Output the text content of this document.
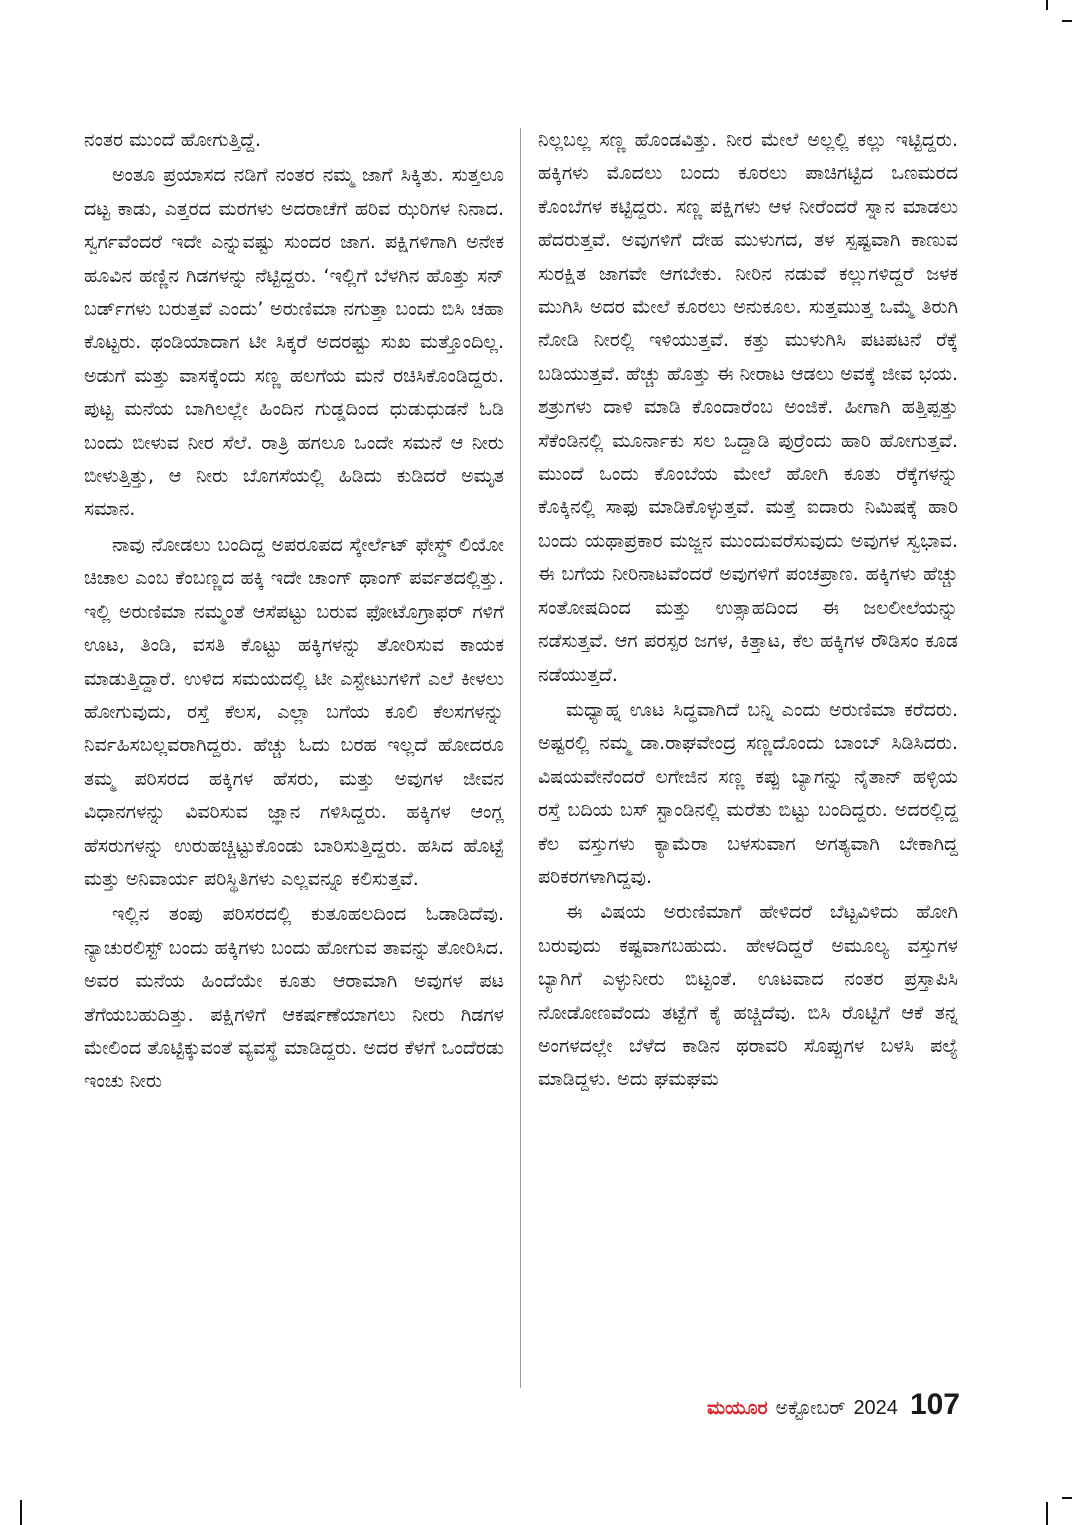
ನಂತರ ಮುಂದೆ ಹೋಗುತ್ತಿದ್ದೆ.

ಅಂತೂ ಪ್ರಯಾಸದ ನಡಿಗೆ ನಂತರ ನಮ್ಮ ಜಾಗೆ ಸಿಕ್ಕಿತು. ಸುತ್ತಲೂ ದಟ್ಟ ಕಾಡು, ಎತ್ತರದ ಮರಗಳು ಅದರಾಚೆಗೆ ಹರಿವ ಝರಿಗಳ ನಿನಾದ. ಸ್ವರ್ಗವೆಂದರೆ ಇದೇ ಎನ್ನುವಷ್ಟು ಸುಂದರ ಜಾಗ. ಪಕ್ಷಿಗಳಿಗಾಗಿ ಅನೇಕ ಹೂವಿನ ಹಣ್ಣಿನ ಗಿಡಗಳನ್ನು ನೆಟ್ಟಿದ್ದರು. ‘ಇಲ್ಲಿಗೆ ಬೆಳಗಿನ ಹೊತ್ತು ಸನ್ ಬರ್ಡ್‌ಗಳು ಬರುತ್ತವೆ ಎಂದು’ ಅರುಣಿಮಾ ನಗುತ್ತಾ ಬಂದು ಬಿಸಿ ಚಹಾ ಕೊಟ್ಟರು. ಥಂಡಿಯಾದಾಗ ಟೀ ಸಿಕ್ಕರೆ ಅದರಷ್ಟು ಸುಖ ಮತ್ತೊಂದಿಲ್ಲ. ಅಡುಗೆ ಮತ್ತು ವಾಸಕ್ಕೆಂದು ಸಣ್ಣ ಹಲಗೆಯ ಮನೆ ರಚಿಸಿಕೊಂಡಿದ್ದರು. ಪುಟ್ಟ ಮನೆಯ ಬಾಗಿಲಲ್ಲೇ ಹಿಂದಿನ ಗುಡ್ಡದಿಂದ ಧುಡುಧುಡನೆ ಓಡಿ ಬಂದು ಬೀಳುವ ನೀರ ಸೆಲೆ. ರಾತ್ರಿ ಹಗಲೂ ಒಂದೇ ಸಮನೆ ಆ ನೀರು ಬೀಳುತ್ತಿತ್ತು, ಆ ನೀರು ಬೊಗಸೆಯಲ್ಲಿ ಹಿಡಿದು ಕುಡಿದರೆ ಅಮೃತ ಸಮಾನ.

ನಾವು ನೋಡಲು ಬಂದಿದ್ದ ಅಪರೂಪದ ಸ್ಕೇರ್ಲೆಟ್ ಫೇಸ್ಡ್ ಲಿಯೋ ಚಿಚಾಲ ಎಂಬ ಕೆಂಬಣ್ಣದ ಹಕ್ಕಿ ಇದೇ ಚಾಂಗ್ ಥಾಂಗ್ ಪರ್ವತದಲ್ಲಿತ್ತು. ಇಲ್ಲಿ ಅರುಣಿಮಾ ನಮ್ಮಂತೆ ಆಸೆಪಟ್ಟು ಬರುವ ಫೋಟೊಗ್ರಾಫರ್ ಗಳಿಗೆ ಊಟ, ತಿಂಡಿ, ವಸತಿ ಕೊಟ್ಟು ಹಕ್ಕಿಗಳನ್ನು ತೋರಿಸುವ ಕಾಯಕ ಮಾಡುತ್ತಿದ್ದಾರೆ. ಉಳಿದ ಸಮಯದಲ್ಲಿ ಟೀ ಎಸ್ಟೇಟುಗಳಿಗೆ ಎಲೆ ಕೀಳಲು ಹೋಗುವುದು, ರಸ್ತೆ ಕೆಲಸ, ಎಲ್ಲಾ ಬಗೆಯ ಕೂಲಿ ಕೆಲಸಗಳನ್ನು ನಿರ್ವಹಿಸಬಲ್ಲವರಾಗಿದ್ದರು. ಹೆಚ್ಚು ಓದು ಬರಹ ಇಲ್ಲದೆ ಹೋದರೂ ತಮ್ಮ ಪರಿಸರದ ಹಕ್ಕಿಗಳ ಹೆಸರು, ಮತ್ತು ಅವುಗಳ ಜೀವನ ವಿಧಾನಗಳನ್ನು ವಿವರಿಸುವ ಜ್ಞಾನ ಗಳಿಸಿದ್ದರು. ಹಕ್ಕಿಗಳ ಆಂಗ್ಲ ಹೆಸರುಗಳನ್ನು ಉರುಹಚ್ಚಿಟ್ಟುಕೊಂಡು ಬಾರಿಸುತ್ತಿದ್ದರು. ಹಸಿದ ಹೊಟ್ಟೆ ಮತ್ತು ಅನಿವಾರ್ಯ ಪರಿಸ್ಥಿತಿಗಳು ಎಲ್ಲವನ್ನೂ ಕಲಿಸುತ್ತವೆ.

ಇಲ್ಲಿನ ತಂಪು ಪರಿಸರದಲ್ಲಿ ಕುತೂಹಲದಿಂದ ಓಡಾಡಿದೆವು. ನ್ಯಾಚುರಲಿಸ್ಟ್ ಬಂದು ಹಕ್ಕಿಗಳು ಬಂದು ಹೋಗುವ ತಾವನ್ನು ತೋರಿಸಿದ. ಅವರ ಮನೆಯ ಹಿಂದೆಯೇ ಕೂತು ಆರಾಮಾಗಿ ಅವುಗಳ ಪಟ ತೆಗೆಯಬಹುದಿತ್ತು. ಪಕ್ಷಿಗಳಿಗೆ ಆಕರ್ಷಣೆಯಾಗಲು ನೀರು ಗಿಡಗಳ ಮೇಲಿಂದ ತೊಟ್ಟಿಕ್ಕುವಂತೆ ವ್ಯವಸ್ಥೆ ಮಾಡಿದ್ದರು. ಅದರ ಕೆಳಗೆ ಒಂದೆರಡು ಇಂಚು ನೀರು

ನಿಲ್ಲಬಲ್ಲ ಸಣ್ಣ ಹೊಂಡವಿತ್ತು. ನೀರ ಮೇಲೆ ಅಲ್ಲಲ್ಲಿ ಕಲ್ಲು ಇಟ್ಟಿದ್ದರು. ಹಕ್ಕಿಗಳು ಮೊದಲು ಬಂದು ಕೂರಲು ಪಾಚಿಗಟ್ಟಿದ ಒಣಮರದ ಕೊಂಬೆಗಳ ಕಟ್ಟಿದ್ದರು. ಸಣ್ಣ ಪಕ್ಷಿಗಳು ಆಳ ನೀರೆಂದರೆ ಸ್ನಾನ ಮಾಡಲು ಹೆದರುತ್ತವೆ. ಅವುಗಳಿಗೆ ದೇಹ ಮುಳುಗದ, ತಳ ಸ್ಪಷ್ಟವಾಗಿ ಕಾಣುವ ಸುರಕ್ಷಿತ ಜಾಗವೇ ಆಗಬೇಕು. ನೀರಿನ ನಡುವೆ ಕಲ್ಲುಗಳಿದ್ದರೆ ಜಳಕ ಮುಗಿಸಿ ಅದರ ಮೇಲೆ ಕೂರಲು ಅನುಕೂಲ. ಸುತ್ತಮುತ್ತ ಒಮ್ಮೆ ತಿರುಗಿ ನೋಡಿ ನೀರಲ್ಲಿ ಇಳಿಯುತ್ತವೆ. ಕತ್ತು ಮುಳುಗಿಸಿ ಪಟಪಟನೆ ರೆಕ್ಕೆ ಬಡಿಯುತ್ತವೆ. ಹೆಚ್ಚು ಹೊತ್ತು ಈ ನೀರಾಟ ಆಡಲು ಅವಕ್ಕೆ ಜೀವ ಭಯ. ಶತ್ರುಗಳು ದಾಳಿ ಮಾಡಿ ಕೊಂದಾರೆಂಬ ಅಂಜಿಕೆ. ಹೀಗಾಗಿ ಹತ್ತಿಪ್ಪತ್ತು ಸೆಕೆಂಡಿನಲ್ಲಿ ಮೂರ್ನಾಕು ಸಲ ಒದ್ದಾಡಿ ಪುರ್ರೆಂದು ಹಾರಿ ಹೋಗುತ್ತವೆ. ಮುಂದೆ ಒಂದು ಕೊಂಬೆಯ ಮೇಲೆ ಹೋಗಿ ಕೂತು ರೆಕ್ಕೆಗಳನ್ನು ಕೊಕ್ಕಿನಲ್ಲಿ ಸಾಫು ಮಾಡಿಕೊಳ್ಳುತ್ತವೆ. ಮತ್ತೆ ಐದಾರು ನಿಮಿಷಕ್ಕೆ ಹಾರಿ ಬಂದು ಯಥಾಪ್ರಕಾರ ಮಜ್ಜನ ಮುಂದುವರೆಸುವುದು ಅವುಗಳ ಸ್ವಭಾವ. ಈ ಬಗೆಯ ನೀರಿನಾಟವೆಂದರೆ ಅವುಗಳಿಗೆ ಪಂಚಪ್ರಾಣ. ಹಕ್ಕಿಗಳು ಹೆಚ್ಚು ಸಂತೋಷದಿಂದ ಮತ್ತು ಉತ್ಸಾಹದಿಂದ ಈ ಜಲಲೀಲೆಯನ್ನು ನಡೆಸುತ್ತವೆ. ಆಗ ಪರಸ್ಪರ ಜಗಳ, ಕಿತ್ತಾಟ, ಕೆಲ ಹಕ್ಕಿಗಳ ರೌಡಿಸಂ ಕೂಡ ನಡೆಯುತ್ತದೆ.

ಮಧ್ಯಾಹ್ನ ಊಟ ಸಿದ್ಧವಾಗಿದೆ ಬನ್ನಿ ಎಂದು ಅರುಣಿಮಾ ಕರೆದರು. ಅಷ್ಟರಲ್ಲಿ ನಮ್ಮ ಡಾ.ರಾಘವೇಂದ್ರ ಸಣ್ಣದೊಂದು ಬಾಂಬ್ ಸಿಡಿಸಿದರು. ವಿಷಯವೇನೆಂದರೆ ಲಗೇಜಿನ ಸಣ್ಣ ಕಪ್ಪು ಬ್ಯಾಗನ್ನು ನೈತಾನ್ ಹಳ್ಳಿಯ ರಸ್ತೆ ಬದಿಯ ಬಸ್ ಸ್ಟಾಂಡಿನಲ್ಲಿ ಮರೆತು ಬಿಟ್ಟು ಬಂದಿದ್ದರು. ಅದರಲ್ಲಿದ್ದ ಕೆಲ ವಸ್ತುಗಳು ಕ್ಯಾಮೆರಾ ಬಳಸುವಾಗ ಅಗತ್ಯವಾಗಿ ಬೇಕಾಗಿದ್ದ ಪರಿಕರಗಳಾಗಿದ್ದವು.

ಈ ವಿಷಯ ಅರುಣಿಮಾಗೆ ಹೇಳಿದರೆ ಬೆಟ್ಟವಿಳಿದು ಹೋಗಿ ಬರುವುದು ಕಷ್ಟವಾಗಬಹುದು. ಹೇಳದಿದ್ದರೆ ಅಮೂಲ್ಯ ವಸ್ತುಗಳ ಬ್ಯಾಗಿಗೆ ಎಳ್ಳುನೀರು ಬಿಟ್ಟಂತೆ. ಊಟವಾದ ನಂತರ ಪ್ರಸ್ತಾಪಿಸಿ ನೋಡೋಣವೆಂದು ತಟ್ಟೆಗೆ ಕೈ ಹಚ್ಚಿದೆವು. ಬಿಸಿ ರೊಟ್ಟಿಗೆ ಆಕೆ ತನ್ನ ಅಂಗಳದಲ್ಲೇ ಬೆಳೆದ ಕಾಡಿನ ಥರಾವರಿ ಸೊಪ್ಪುಗಳ ಬಳಸಿ ಪಲ್ಯೆ ಮಾಡಿದ್ದಳು. ಅದು ಘಮಘಮ

ಮಯೂರ ಅಕ್ಟೋಬರ್ 2024 107
